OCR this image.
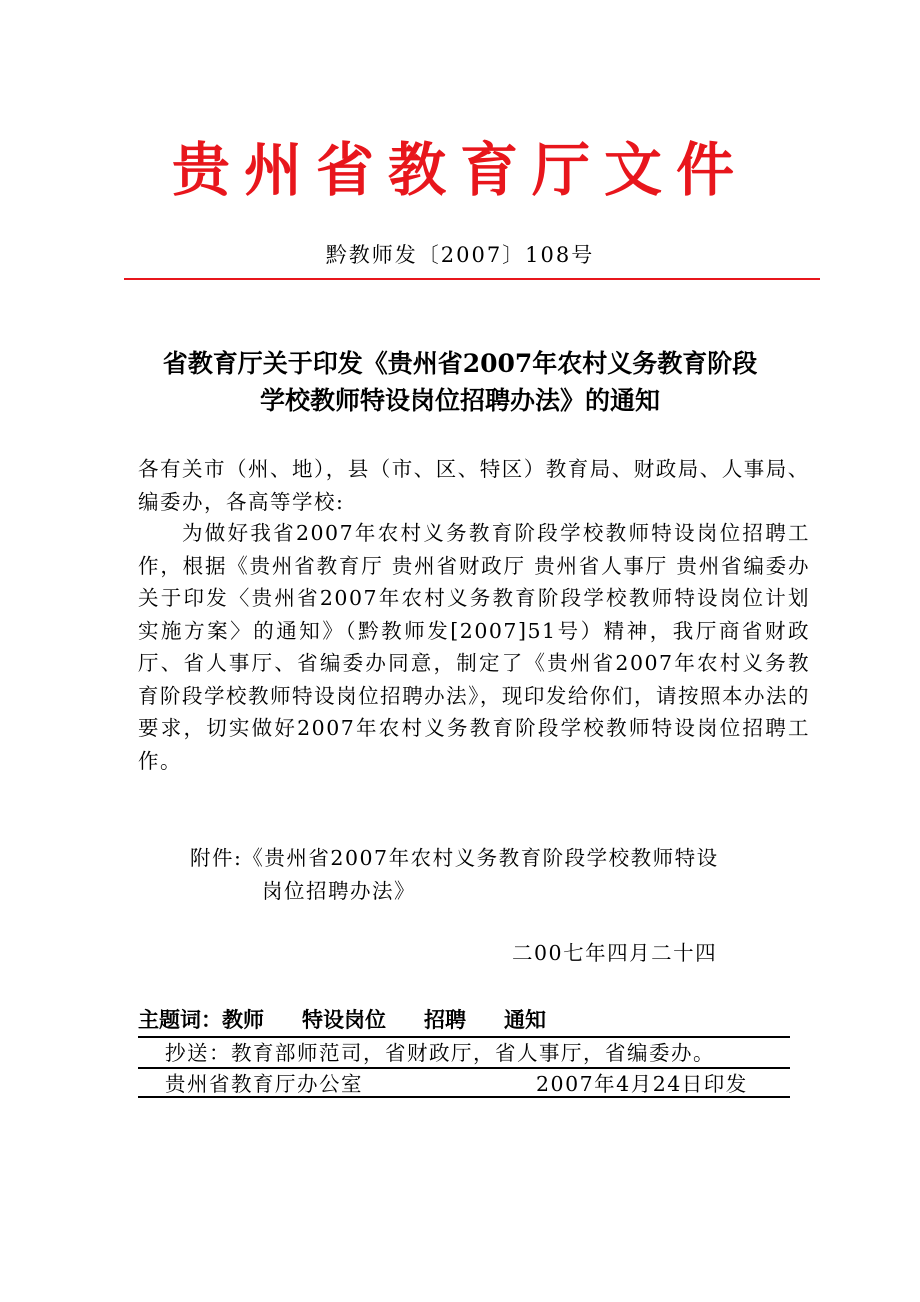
贵州省教育厅文件
黔教师发〔2007〕108号
省教育厅关于印发《贵州省2007年农村义务教育阶段
学校教师特设岗位招聘办法》的通知
各有关市（州、地），县（市、区、特区）教育局、财政局、人事局、编委办，各高等学校:
为做好我省2007年农村义务教育阶段学校教师特设岗位招聘工作，根据《贵州省教育厅 贵州省财政厅 贵州省人事厅 贵州省编委办关于印发〈贵州省2007年农村义务教育阶段学校教师特设岗位计划实施方案〉的通知》（黔教师发[2007]51号）精神，我厅商省财政厅、省人事厅、省编委办同意，制定了《贵州省2007年农村义务教育阶段学校教师特设岗位招聘办法》，现印发给你们，请按照本办法的要求，切实做好2007年农村义务教育阶段学校教师特设岗位招聘工作。
附件:《贵州省2007年农村义务教育阶段学校教师特设
岗位招聘办法》
二00七年四月二十四
主题词：教师 特设岗位 招聘 通知
抄送：教育部师范司，省财政厅，省人事厅，省编委办。
贵州省教育厅办公室	2007年4月24日印发
